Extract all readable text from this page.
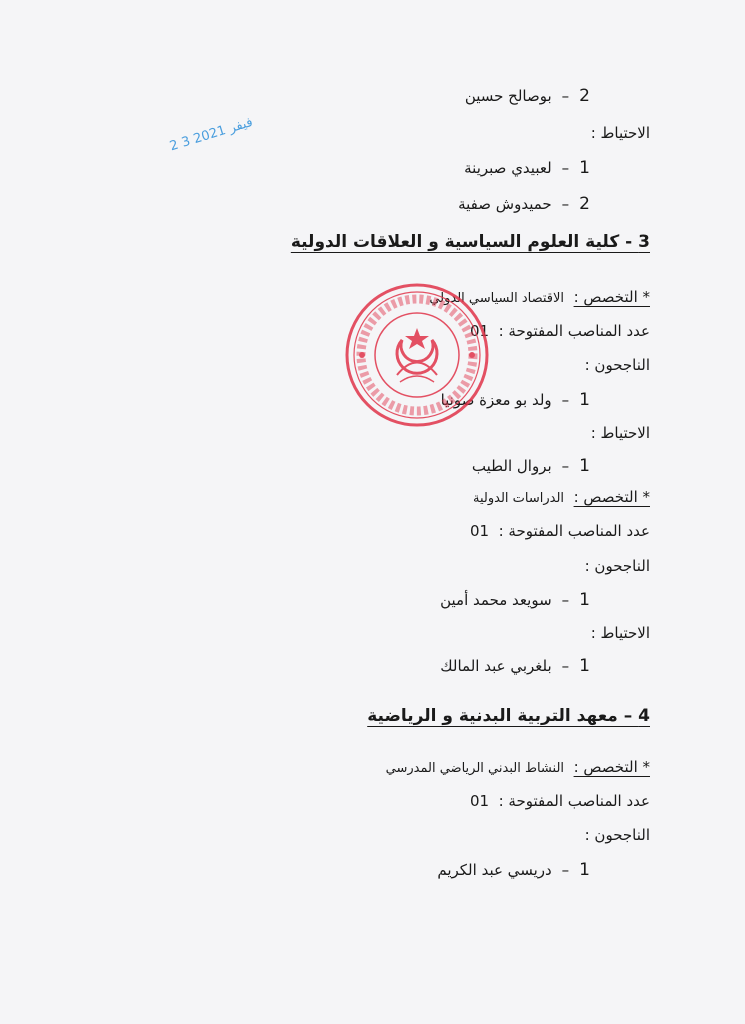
2–بوصالح حسين
الاحتياط :
1–لعبيدي صبرينة
2–حميدوش صفية
2 3 فيفر 2021
3 - كلية العلوم السياسية و العلاقات الدولية
* التخصص :  الاقتصاد السياسي الدولي
عدد المناصب المفتوحة :  01
الناجحون :
1–ولد بو معزة صونيا
الاحتياط :
1–بروال الطيب
* التخصص :  الدراسات الدولية
عدد المناصب المفتوحة :  01
الناجحون :
1–سويعد محمد أمين
الاحتياط :
1–بلغربي عبد المالك
4 – معهد التربية البدنية و الرياضية
* التخصص :  النشاط البدني الرياضي المدرسي
عدد المناصب المفتوحة :  01
الناجحون :
1–دريسي عبد الكريم
